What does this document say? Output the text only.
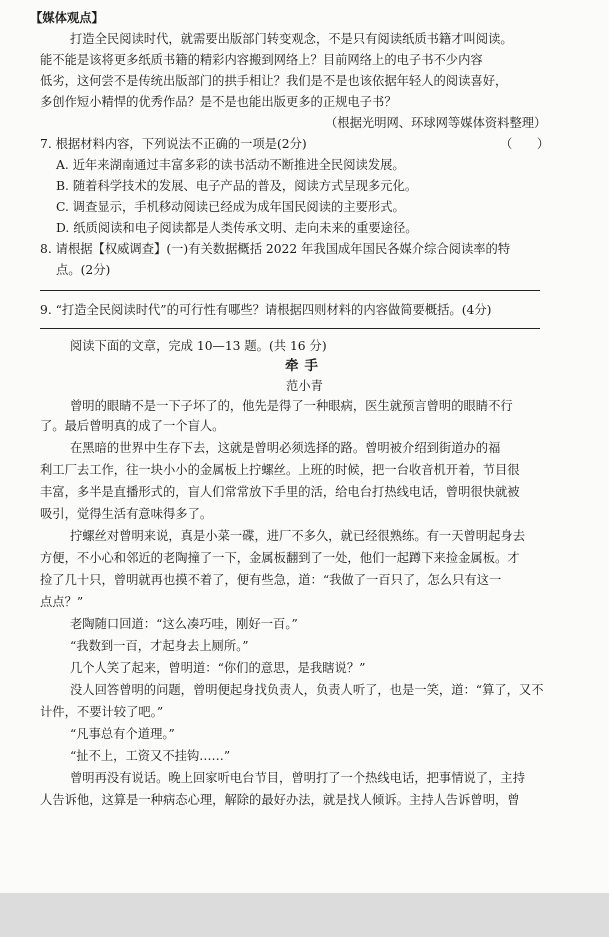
【媒体观点】
打造全民阅读时代，就需要出版部门转变观念，不是只有阅读纸质书籍才叫阅读。
能不能是该将更多纸质书籍的精彩内容搬到网络上？目前网络上的电子书不少内容
低劣，这何尝不是传统出版部门的拱手相让？我们是不是也该依据年轻人的阅读喜好，
多创作短小精悍的优秀作品？是不是也能出版更多的正规电子书？
（根据光明网、环球网等媒体资料整理）
7. 根据材料内容，下列说法不正确的一项是(2分)	（　　）
A. 近年来湖南通过丰富多彩的读书活动不断推进全民阅读发展。
B. 随着科学技术的发展、电子产品的普及，阅读方式呈现多元化。
C. 调查显示，手机移动阅读已经成为成年国民阅读的主要形式。
D. 纸质阅读和电子阅读都是人类传承文明、走向未来的重要途径。
8. 请根据【权威调查】(一)有关数据概括 2022 年我国成年国民各媒介综合阅读率的特
点。(2分)
9. “打造全民阅读时代”的可行性有哪些？请根据四则材料的内容做简要概括。(4分)
阅读下面的文章，完成 10—13 题。(共 16 分)
牵手
范小青
曾明的眼睛不是一下子坏了的，他先是得了一种眼病，医生就预言曾明的眼睛不行
了。最后曾明真的成了一个盲人。
在黑暗的世界中生存下去，这就是曾明必须选择的路。曾明被介绍到街道办的福
利工厂去工作，往一块小小的金属板上拧螺丝。上班的时候，把一台收音机开着，节目很
丰富，多半是直播形式的，盲人们常常放下手里的活，给电台打热线电话，曾明很快就被
吸引，觉得生活有意味得多了。
拧螺丝对曾明来说，真是小菜一碟，进厂不多久，就已经很熟练。有一天曾明起身去
方便，不小心和邻近的老陶撞了一下，金属板翻到了一处，他们一起蹲下来捡金属板。才
捡了几十只，曾明就再也摸不着了，便有些急，道：“我做了一百只了，怎么只有这一
点点？”
老陶随口回道：“这么凑巧哇，刚好一百。”
“我数到一百，才起身去上厕所。”
几个人笑了起来，曾明道：“你们的意思，是我瞎说？”
没人回答曾明的问题，曾明便起身找负责人，负责人听了，也是一笑，道：“算了，又不
计件，不要计较了吧。”
“凡事总有个道理。”
“扯不上，工资又不挂钩……”
曾明再没有说话。晚上回家听电台节目，曾明打了一个热线电话，把事情说了，主持
人告诉他，这算是一种病态心理，解除的最好办法，就是找人倾诉。主持人告诉曾明，曾
